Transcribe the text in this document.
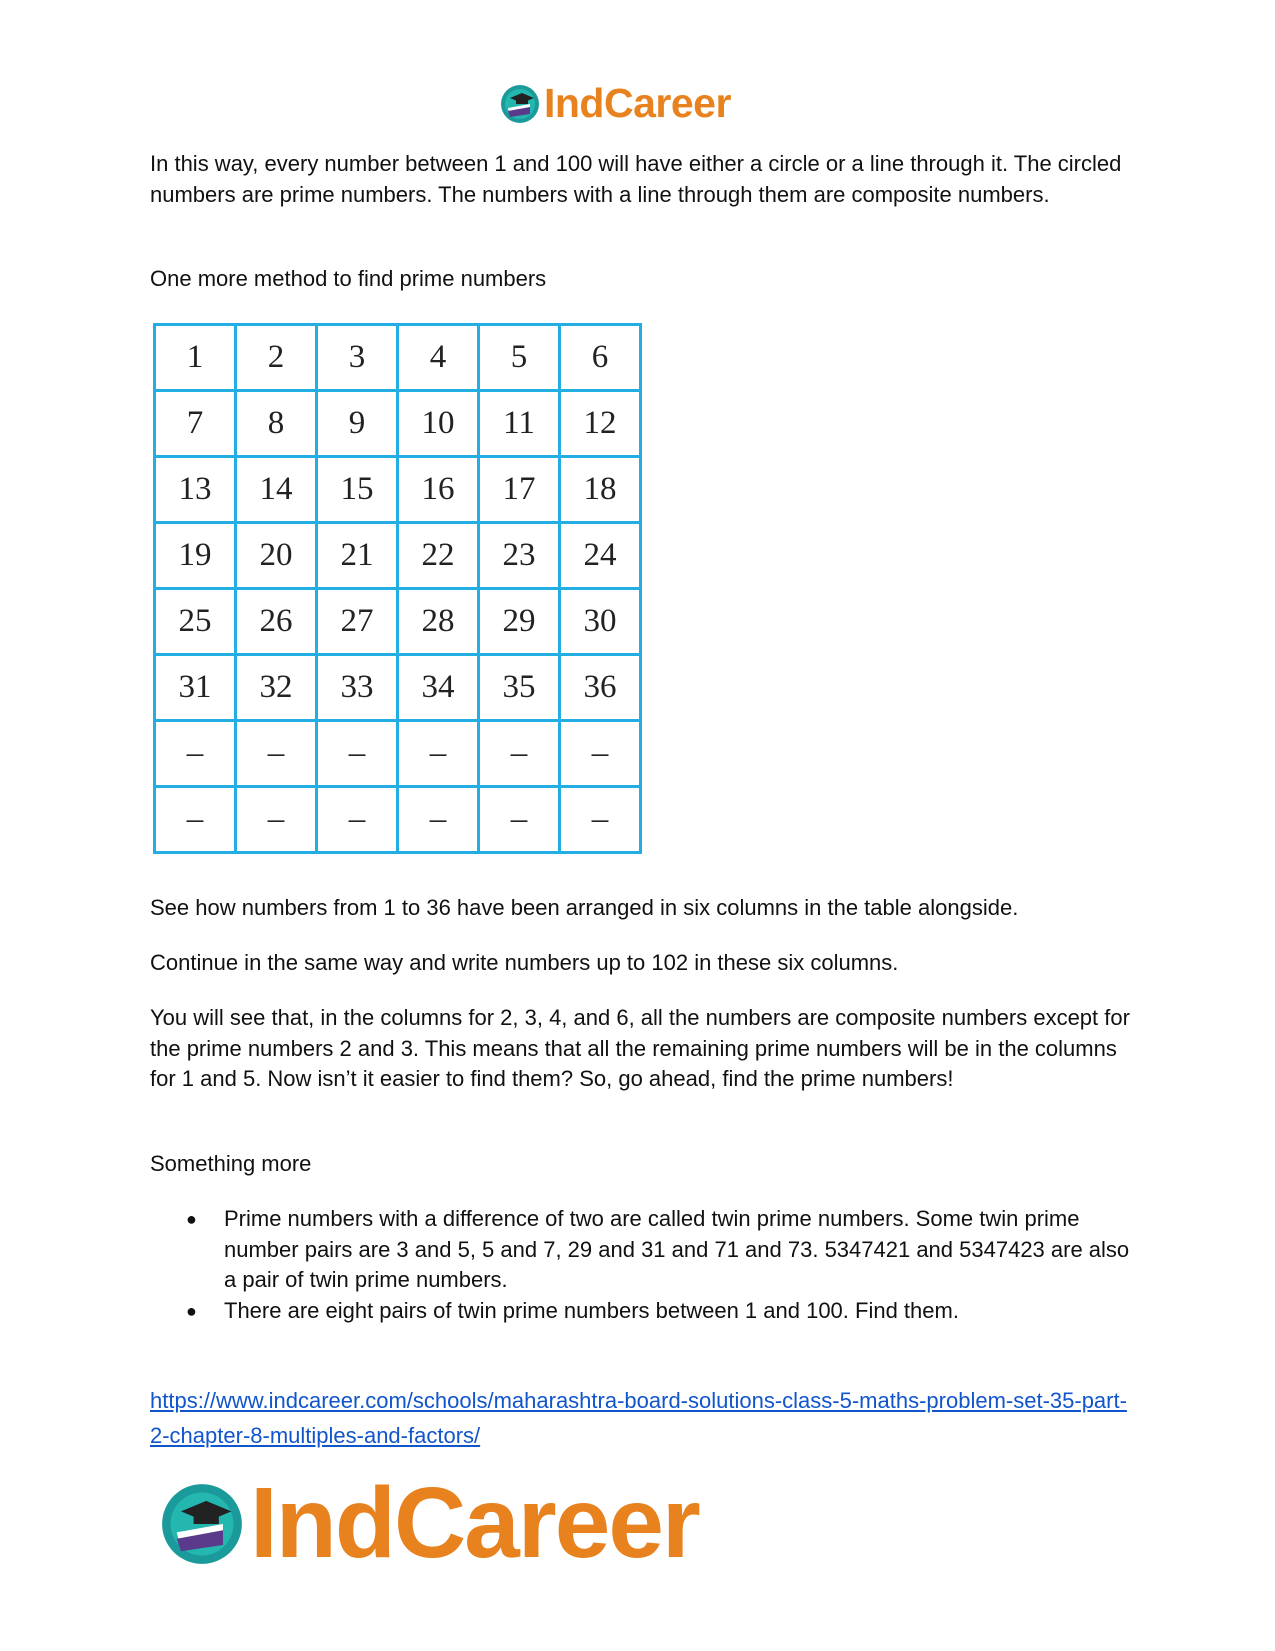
IndCareer

In this way, every number between 1 and 100 will have either a circle or a line through it. The circled numbers are prime numbers. The numbers with a line through them are composite numbers.

One more method to find prime numbers

1	2	3	4	5	6
7	8	9	10	11	12
13	14	15	16	17	18
19	20	21	22	23	24
25	26	27	28	29	30
31	32	33	34	35	36
–	–	–	–	–	–
–	–	–	–	–	–

See how numbers from 1 to 36 have been arranged in six columns in the table alongside.

Continue in the same way and write numbers up to 102 in these six columns.

You will see that, in the columns for 2, 3, 4, and 6, all the numbers are composite numbers except for the prime numbers 2 and 3. This means that all the remaining prime numbers will be in the columns for 1 and 5. Now isn’t it easier to find them? So, go ahead, find the prime numbers!

Something more

● Prime numbers with a difference of two are called twin prime numbers. Some twin prime number pairs are 3 and 5, 5 and 7, 29 and 31 and 71 and 73. 5347421 and 5347423 are also a pair of twin prime numbers.
● There are eight pairs of twin prime numbers between 1 and 100. Find them.
https://www.indcareer.com/schools/maharashtra-board-solutions-class-5-maths-problem-set-35-part-2-chapter-8-multiples-and-factors/
IndCareer
